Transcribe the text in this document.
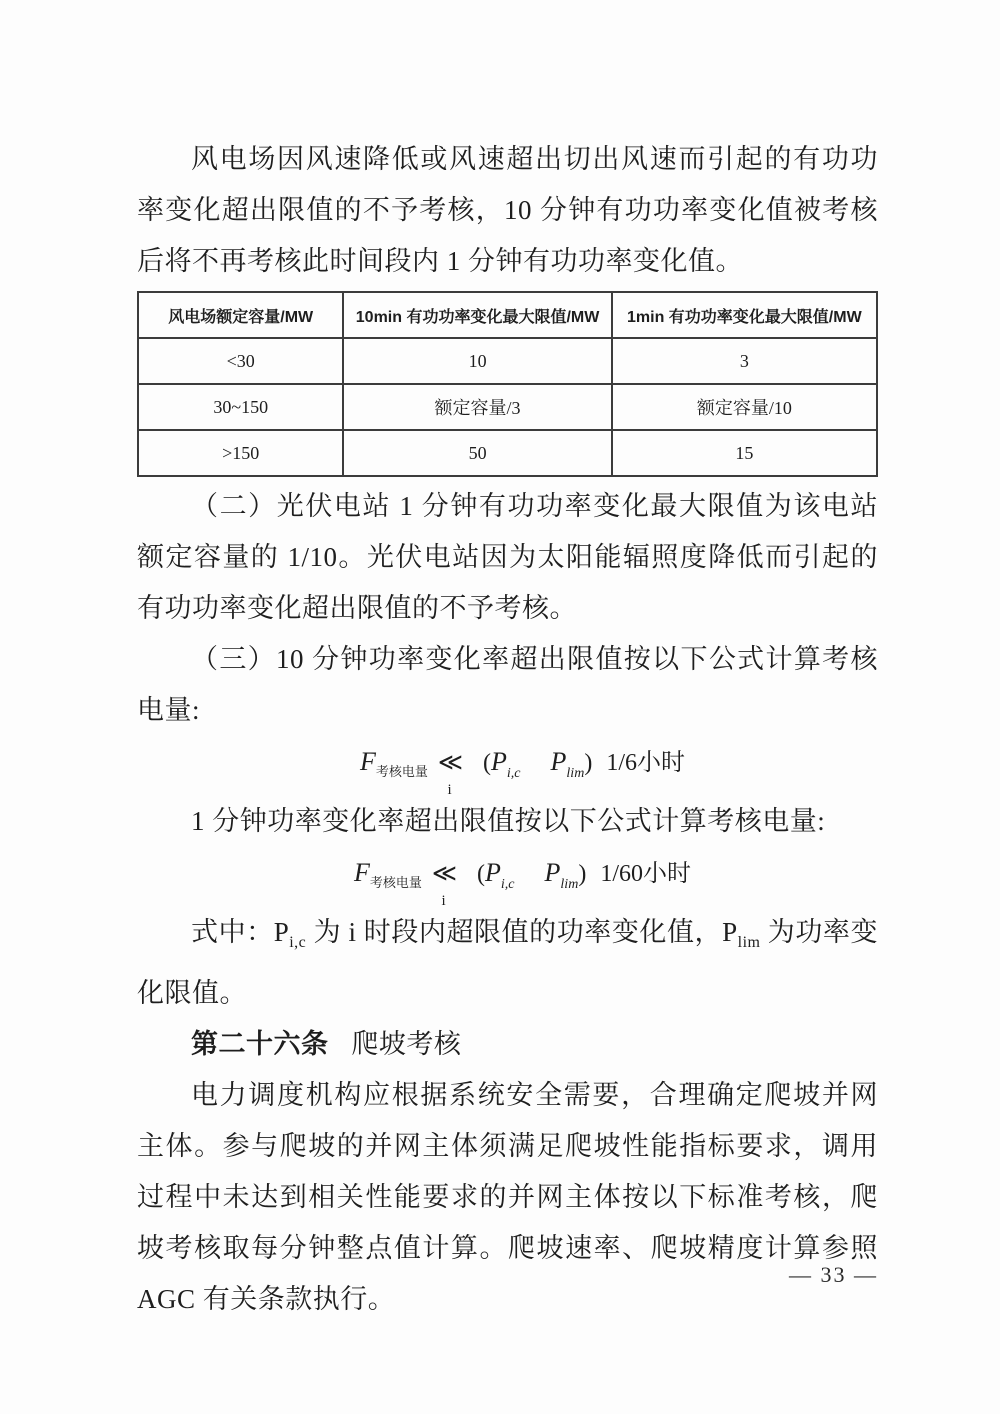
风电场因风速降低或风速超出切出风速而引起的有功功率变化超出限值的不予考核，10 分钟有功功率变化值被考核后将不再考核此时间段内 1 分钟有功功率变化值。

风电场额定容量/MW	10min 有功功率变化最大限值/MW	1min 有功功率变化最大限值/MW
<30	10	3
30~150	额定容量/3	额定容量/10
>150	50	15

（二）光伏电站 1 分钟有功功率变化最大限值为该电站额定容量的 1/10。光伏电站因为太阳能辐照度降低而引起的有功功率变化超出限值的不予考核。

（三）10 分钟功率变化率超出限值按以下公式计算考核电量:

$F_{考核电量}$ ≪
i
($P_{i,c}$ $P_{lim}$) 1/6小时

1 分钟功率变化率超出限值按以下公式计算考核电量:

$F_{考核电量}$ ≪
i
($P_{i,c}$ $P_{lim}$) 1/60小时

式中：$P_{i,c}$ 为 i 时段内超限值的功率变化值，$P_{lim}$ 为功率变化限值。

第二十六条 爬坡考核

电力调度机构应根据系统安全需要，合理确定爬坡并网主体。参与爬坡的并网主体须满足爬坡性能指标要求，调用过程中未达到相关性能要求的并网主体按以下标准考核，爬坡考核取每分钟整点值计算。爬坡速率、爬坡精度计算参照 AGC 有关条款执行。

— 33 —
